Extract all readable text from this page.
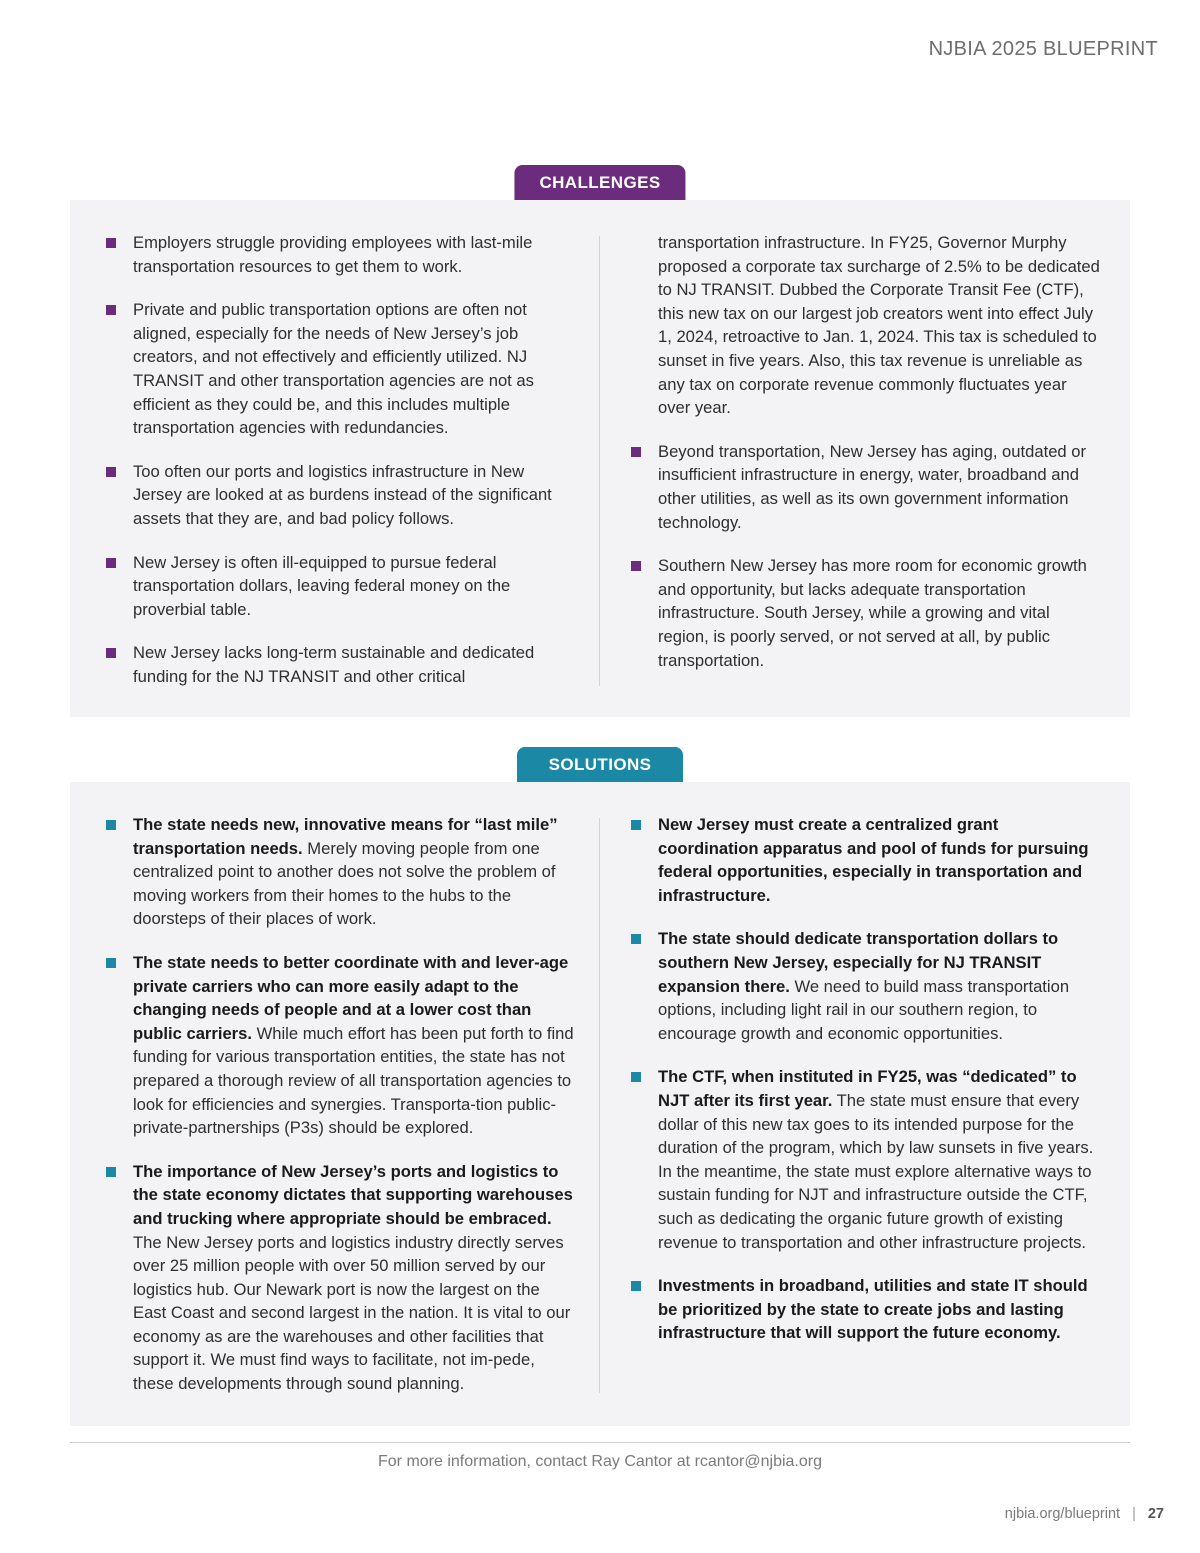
NJBIA 2025 BLUEPRINT
CHALLENGES
Employers struggle providing employees with last-mile transportation resources to get them to work.
Private and public transportation options are often not aligned, especially for the needs of New Jersey’s job creators, and not effectively and efficiently utilized. NJ TRANSIT and other transportation agencies are not as efficient as they could be, and this includes multiple transportation agencies with redundancies.
Too often our ports and logistics infrastructure in New Jersey are looked at as burdens instead of the significant assets that they are, and bad policy follows.
New Jersey is often ill-equipped to pursue federal transportation dollars, leaving federal money on the proverbial table.
New Jersey lacks long-term sustainable and dedicated funding for the NJ TRANSIT and other critical
transportation infrastructure. In FY25, Governor Murphy proposed a corporate tax surcharge of 2.5% to be dedicated to NJ TRANSIT. Dubbed the Corporate Transit Fee (CTF), this new tax on our largest job creators went into effect July 1, 2024, retroactive to Jan. 1, 2024. This tax is scheduled to sunset in five years. Also, this tax revenue is unreliable as any tax on corporate revenue commonly fluctuates year over year.
Beyond transportation, New Jersey has aging, outdated or insufficient infrastructure in energy, water, broadband and other utilities, as well as its own government information technology.
Southern New Jersey has more room for economic growth and opportunity, but lacks adequate transportation infrastructure. South Jersey, while a growing and vital region, is poorly served, or not served at all, by public transportation.
SOLUTIONS
The state needs new, innovative means for “last mile” transportation needs. Merely moving people from one centralized point to another does not solve the problem of moving workers from their homes to the hubs to the doorsteps of their places of work.
The state needs to better coordinate with and lever-age private carriers who can more easily adapt to the changing needs of people and at a lower cost than public carriers. While much effort has been put forth to find funding for various transportation entities, the state has not prepared a thorough review of all transportation agencies to look for efficiencies and synergies. Transporta-tion public-private-partnerships (P3s) should be explored.
The importance of New Jersey’s ports and logistics to the state economy dictates that supporting warehouses and trucking where appropriate should be embraced. The New Jersey ports and logistics industry directly serves over 25 million people with over 50 million served by our logistics hub. Our Newark port is now the largest on the East Coast and second largest in the nation. It is vital to our economy as are the warehouses and other facilities that support it. We must find ways to facilitate, not im-pede, these developments through sound planning.
New Jersey must create a centralized grant coordination apparatus and pool of funds for pursuing federal opportunities, especially in transportation and infrastructure.
The state should dedicate transportation dollars to southern New Jersey, especially for NJ TRANSIT expansion there. We need to build mass transportation options, including light rail in our southern region, to encourage growth and economic opportunities.
The CTF, when instituted in FY25, was “dedicated” to NJT after its first year. The state must ensure that every dollar of this new tax goes to its intended purpose for the duration of the program, which by law sunsets in five years. In the meantime, the state must explore alternative ways to sustain funding for NJT and infrastructure outside the CTF, such as dedicating the organic future growth of existing revenue to transportation and other infrastructure projects.
Investments in broadband, utilities and state IT should be prioritized by the state to create jobs and lasting infrastructure that will support the future economy.
For more information, contact Ray Cantor at rcantor@njbia.org
njbia.org/blueprint | 27
